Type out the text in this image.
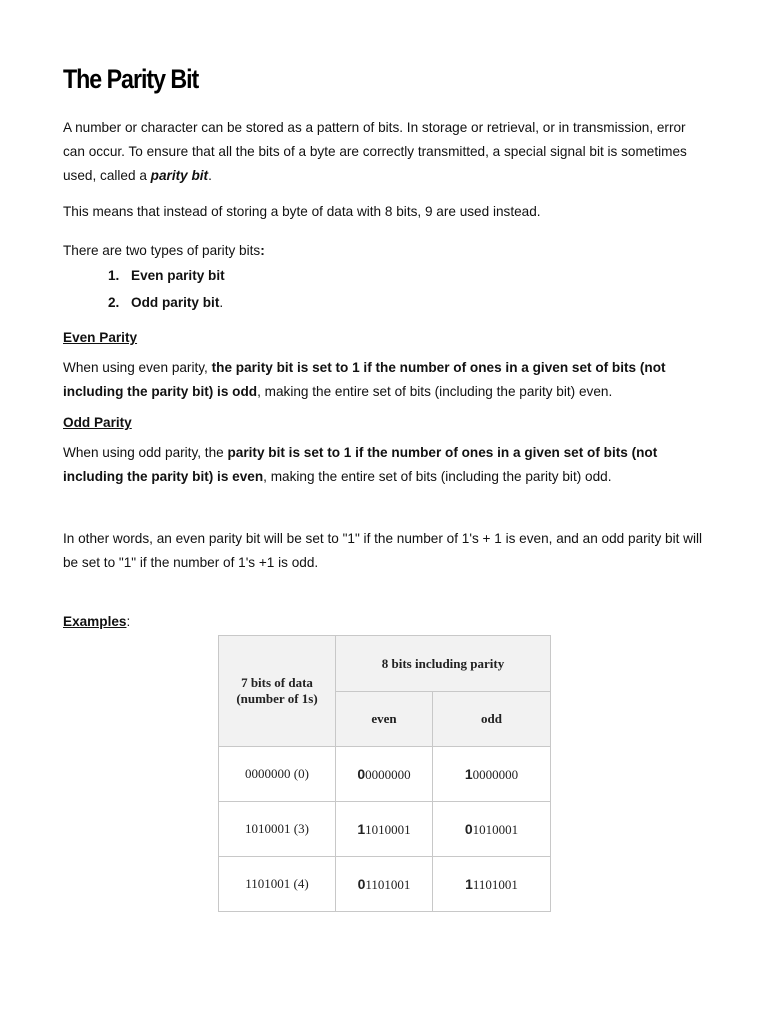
The Parity Bit

A number or character can be stored as a pattern of bits. In storage or retrieval, or in transmission, error can occur. To ensure that all the bits of a byte are correctly transmitted, a special signal bit is sometimes used, called a parity bit.

This means that instead of storing a byte of data with 8 bits, 9 are used instead.

There are two types of parity bits:

1. Even parity bit
2. Odd parity bit.

Even Parity

When using even parity, the parity bit is set to 1 if the number of ones in a given set of bits (not including the parity bit) is odd, making the entire set of bits (including the parity bit) even.

Odd Parity

When using odd parity, the parity bit is set to 1 if the number of ones in a given set of bits (not including the parity bit) is even, making the entire set of bits (including the parity bit) odd.

In other words, an even parity bit will be set to "1" if the number of 1's + 1 is even, and an odd parity bit will be set to "1" if the number of 1's +1 is odd.

Examples:

7 bits of data
(number of 1s)	8 bits including parity	
	even	odd
0000000 (0)	00000000	10000000
1010001 (3)	11010001	01010001
1101001 (4)	01101001	11101001
